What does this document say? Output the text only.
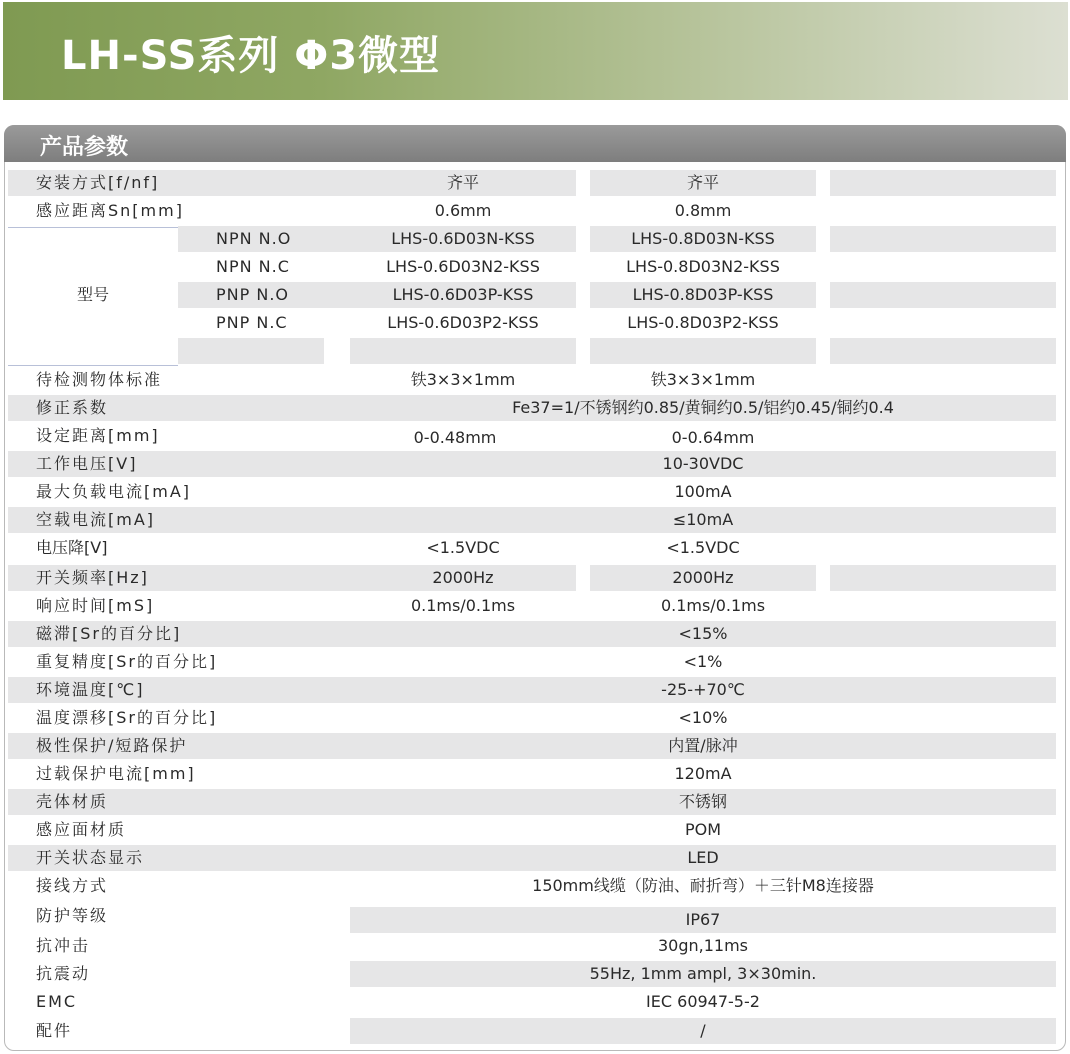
LH-SS系列 Φ3微型
产品参数
安装方式[f/nf]	齐平	齐平
感应距离Sn[mm]	0.6mm	0.8mm
型号
NPN N.O	LHS-0.6D03N-KSS	LHS-0.8D03N-KSS
NPN N.C	LHS-0.6D03N2-KSS	LHS-0.8D03N2-KSS
PNP N.O	LHS-0.6D03P-KSS	LHS-0.8D03P-KSS
PNP N.C	LHS-0.6D03P2-KSS	LHS-0.8D03P2-KSS
待检测物体标准	铁3×3×1mm	铁3×3×1mm
修正系数	Fe37=1/不锈钢约0.85/黄铜约0.5/铝约0.45/铜约0.4
设定距离[mm]	0-0.48mm	0-0.64mm
工作电压[V]	10-30VDC
最大负载电流[mA]	100mA
空载电流[mA]	≤10mA
电压降[V]	<1.5VDC	<1.5VDC
开关频率[Hz]	2000Hz	2000Hz
响应时间[mS]	0.1ms/0.1ms	0.1ms/0.1ms
磁滞[Sr的百分比]	<15%
重复精度[Sr的百分比]	<1%
环境温度[℃]	-25-+70℃
温度漂移[Sr的百分比]	<10%
极性保护/短路保护	内置/脉冲
过载保护电流[mm]	120mA
壳体材质	不锈钢
感应面材质	POM
开关状态显示	LED
接线方式	150mm线缆（防油、耐折弯）＋三针M8连接器
防护等级	IP67
抗冲击	30gn,11ms
抗震动	55Hz, 1mm ampl, 3×30min.
EMC	IEC 60947-5-2
配件	/
